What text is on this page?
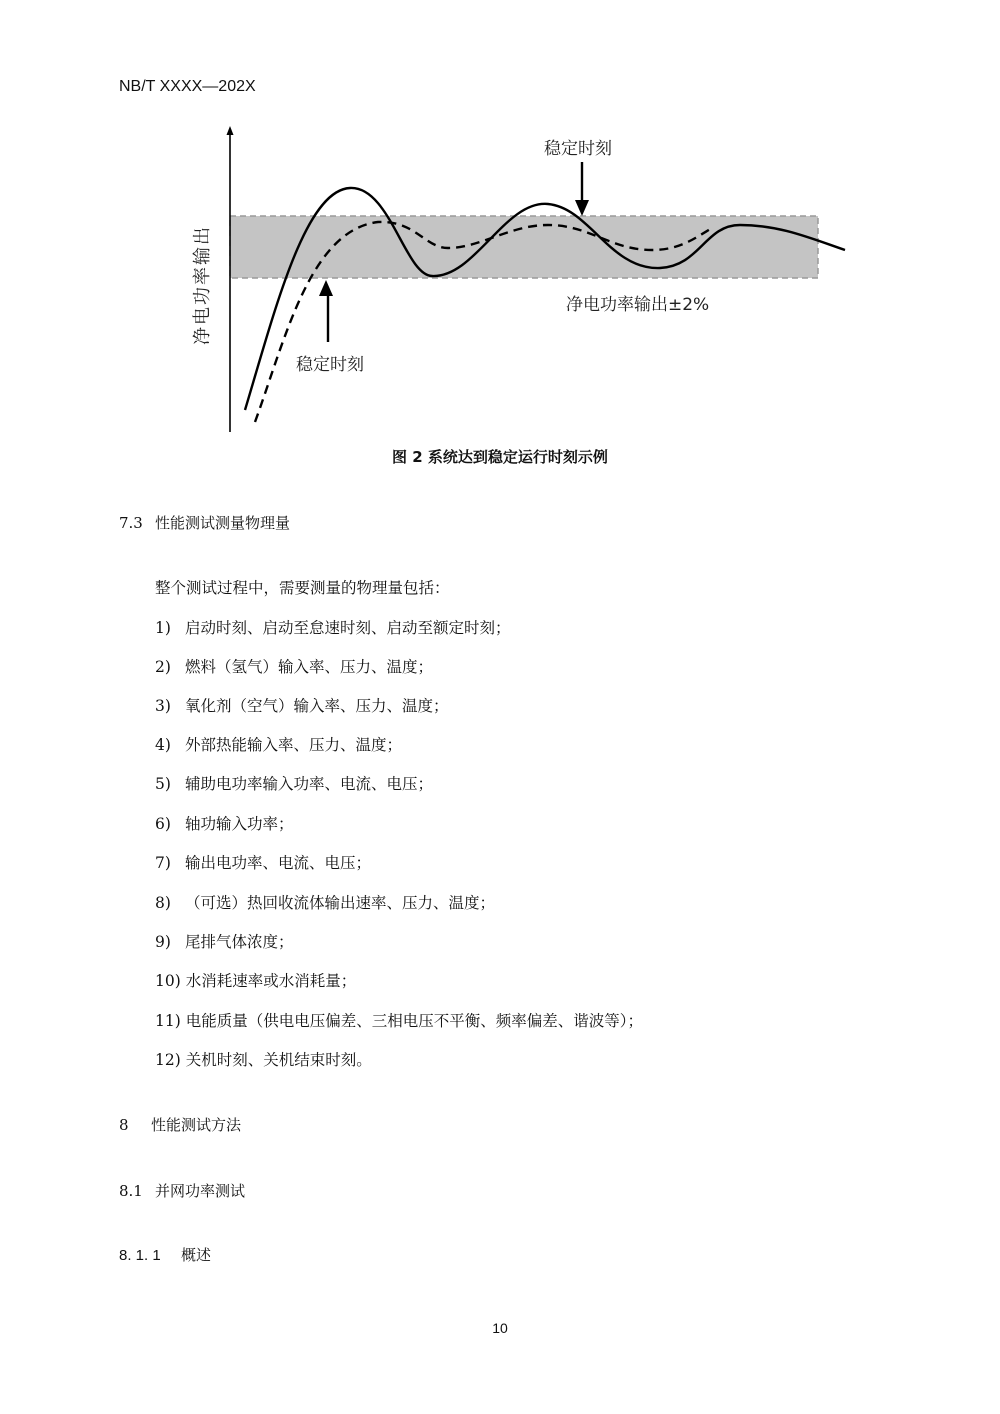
NB/T XXXX—202X
净电功率输出
稳定时刻
稳定时刻
净电功率输出±2%
图 2 系统达到稳定运行时刻示例
7.3 性能测试测量物理量
整个测试过程中，需要测量的物理量包括：
1) 启动时刻、启动至怠速时刻、启动至额定时刻；
2) 燃料（氢气）输入率、压力、温度；
3) 氧化剂（空气）输入率、压力、温度；
4) 外部热能输入率、压力、温度；
5) 辅助电功率输入功率、电流、电压；
6) 轴功输入功率；
7) 输出电功率、电流、电压；
8) （可选）热回收流体输出速率、压力、温度；
9) 尾排气体浓度；
10) 水消耗速率或水消耗量；
11) 电能质量（供电电压偏差、三相电压不平衡、频率偏差、谐波等）；
12) 关机时刻、关机结束时刻。
8 性能测试方法
8.1 并网功率测试
8. 1. 1 概述
10
